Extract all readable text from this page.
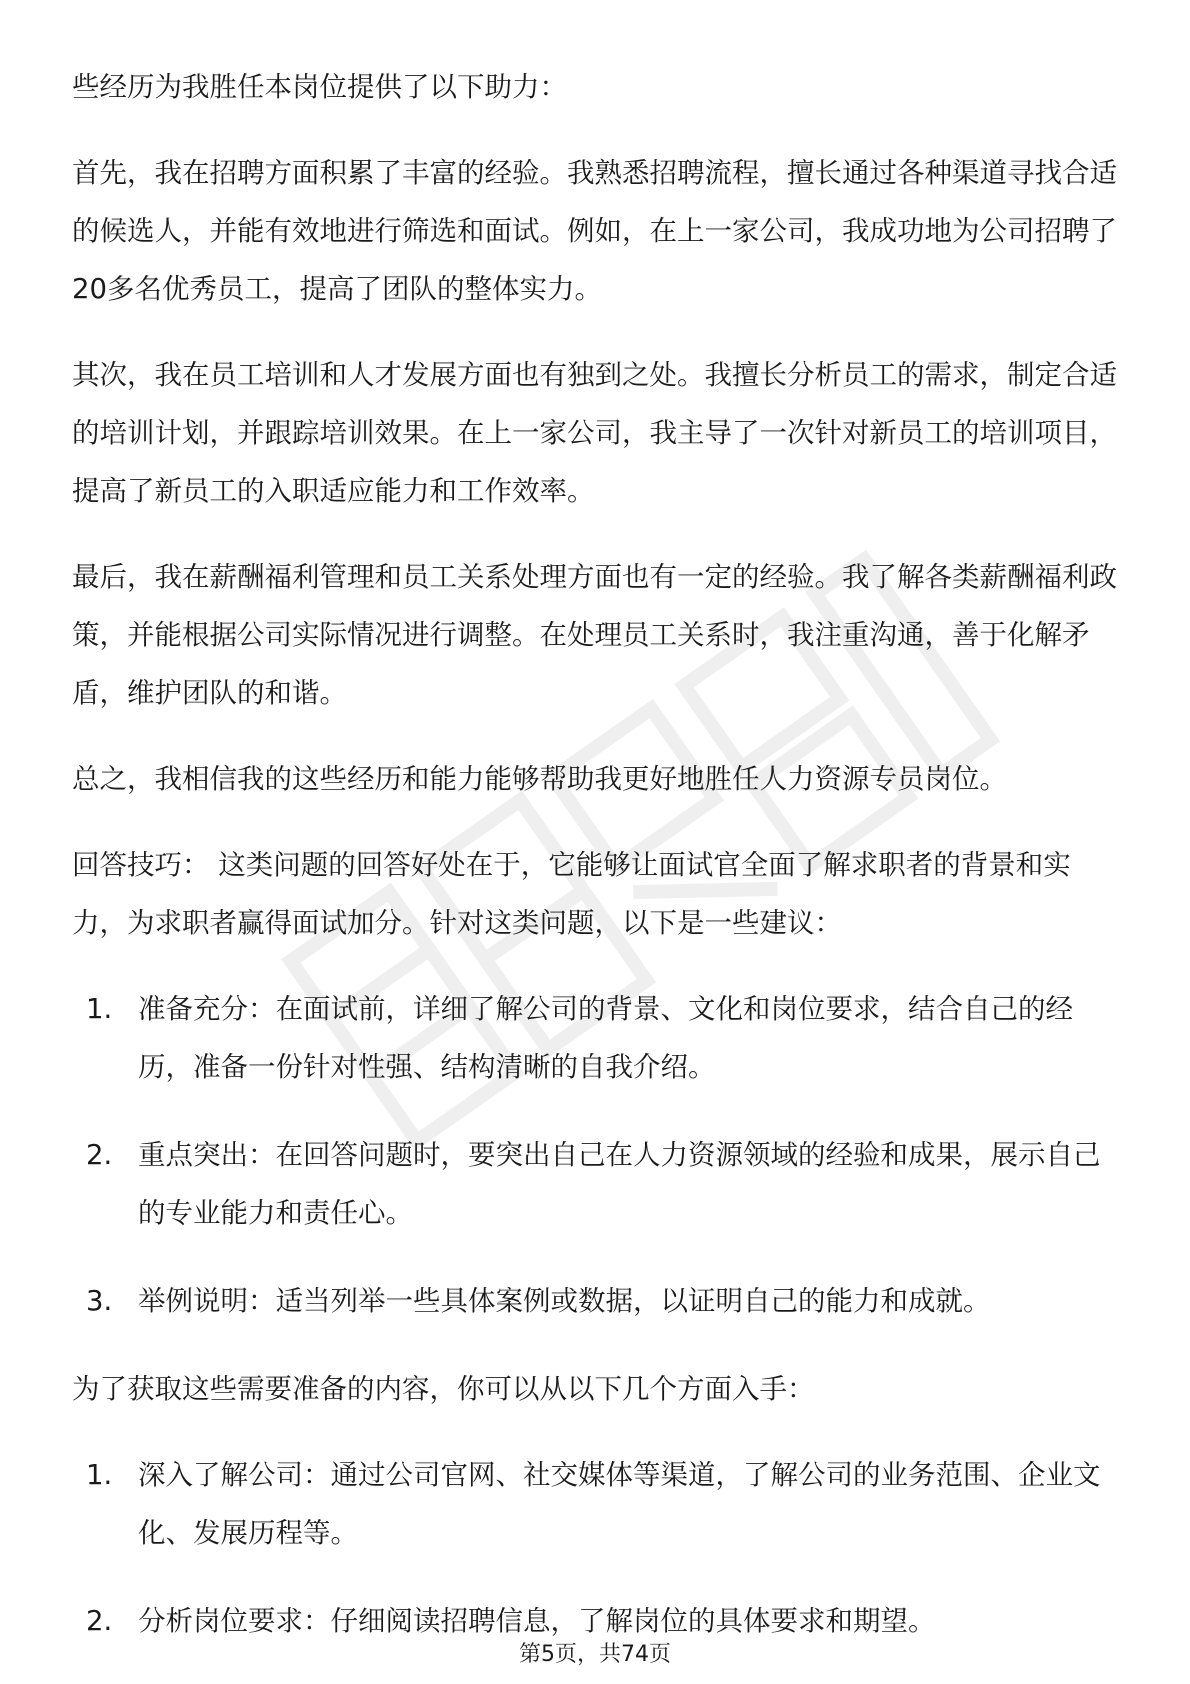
些经历为我胜任本岗位提供了以下助力：

首先，我在招聘方面积累了丰富的经验。我熟悉招聘流程，擅长通过各种渠道寻找合适的候选人，并能有效地进行筛选和面试。例如，在上一家公司，我成功地为公司招聘了20多名优秀员工，提高了团队的整体实力。

其次，我在员工培训和人才发展方面也有独到之处。我擅长分析员工的需求，制定合适的培训计划，并跟踪培训效果。在上一家公司，我主导了一次针对新员工的培训项目，提高了新员工的入职适应能力和工作效率。

最后，我在薪酬福利管理和员工关系处理方面也有一定的经验。我了解各类薪酬福利政策，并能根据公司实际情况进行调整。在处理员工关系时，我注重沟通，善于化解矛盾，维护团队的和谐。

总之，我相信我的这些经历和能力能够帮助我更好地胜任人力资源专员岗位。

回答技巧： 这类问题的回答好处在于，它能够让面试官全面了解求职者的背景和实力，为求职者赢得面试加分。针对这类问题，以下是一些建议：

1. 准备充分：在面试前，详细了解公司的背景、文化和岗位要求，结合自己的经历，准备一份针对性强、结构清晰的自我介绍。
2. 重点突出：在回答问题时，要突出自己在人力资源领域的经验和成果，展示自己的专业能力和责任心。
3. 举例说明：适当列举一些具体案例或数据，以证明自己的能力和成就。

为了获取这些需要准备的内容，你可以从以下几个方面入手：

1. 深入了解公司：通过公司官网、社交媒体等渠道，了解公司的业务范围、企业文化、发展历程等。
2. 分析岗位要求：仔细阅读招聘信息，了解岗位的具体要求和期望。
第5页，共74页
